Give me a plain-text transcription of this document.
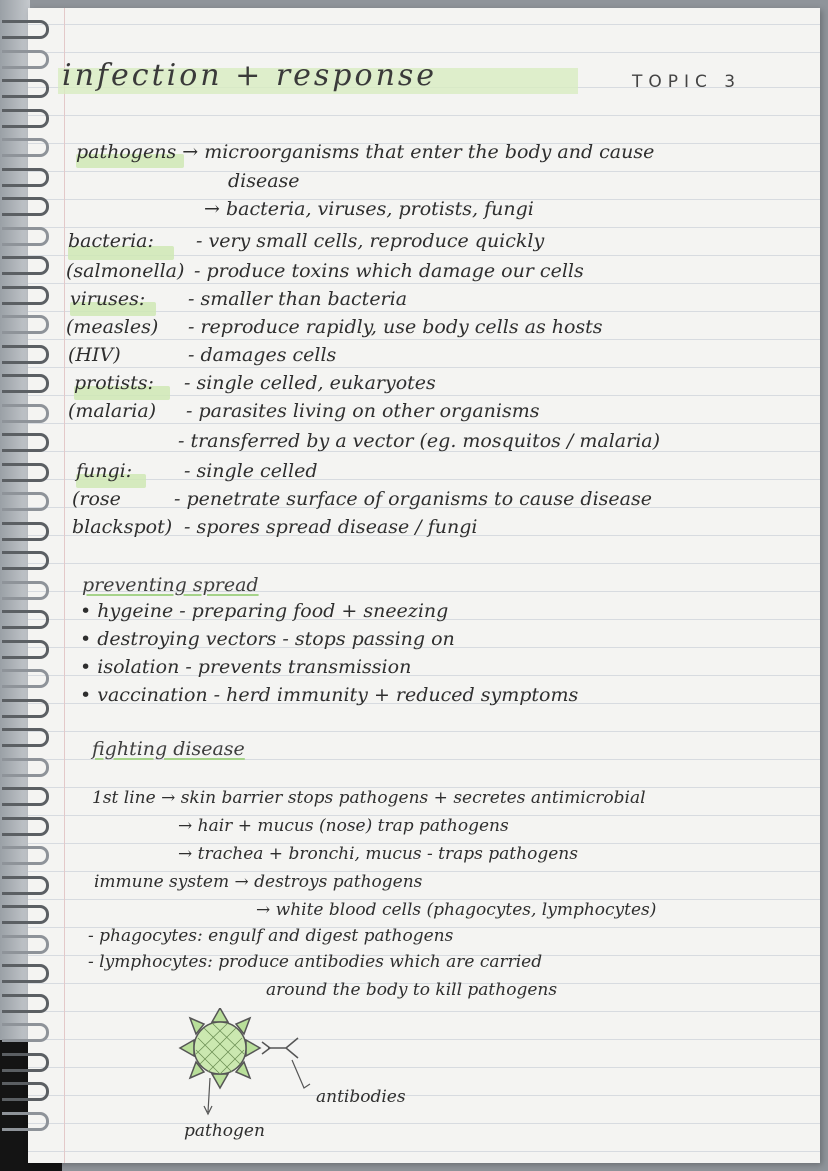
infection + response	TOPIC 3

pathogens → microorganisms that enter the body and cause

disease

→ bacteria, viruses, protists, fungi

bacteria: - very small cells, reproduce quickly

(salmonella) - produce toxins which damage our cells

viruses: - smaller than bacteria

(measles) - reproduce rapidly, use body cells as hosts

(HIV)	- damages cells

protists: - single celled, eukaryotes

(malaria) - parasites living on other organisms

- transferred by a vector (eg. mosquitos / malaria)

fungi:	- single celled

(rose	- penetrate surface of organisms to cause disease

blackspot) - spores spread disease / fungi

preventing spread

• hygeine - preparing food + sneezing

• destroying vectors - stops passing on

• isolation - prevents transmission

• vaccination - herd immunity + reduced symptoms

fighting disease

1st line → skin barrier stops pathogens + secretes antimicrobial

→ hair + mucus (nose) trap pathogens

→ trachea + bronchi, mucus - traps pathogens

immune system → destroys pathogens

→ white blood cells (phagocytes, lymphocytes)

- phagocytes: engulf and digest pathogens

- lymphocytes: produce antibodies which are carried

around the body to kill pathogens

antibodies
pathogen
